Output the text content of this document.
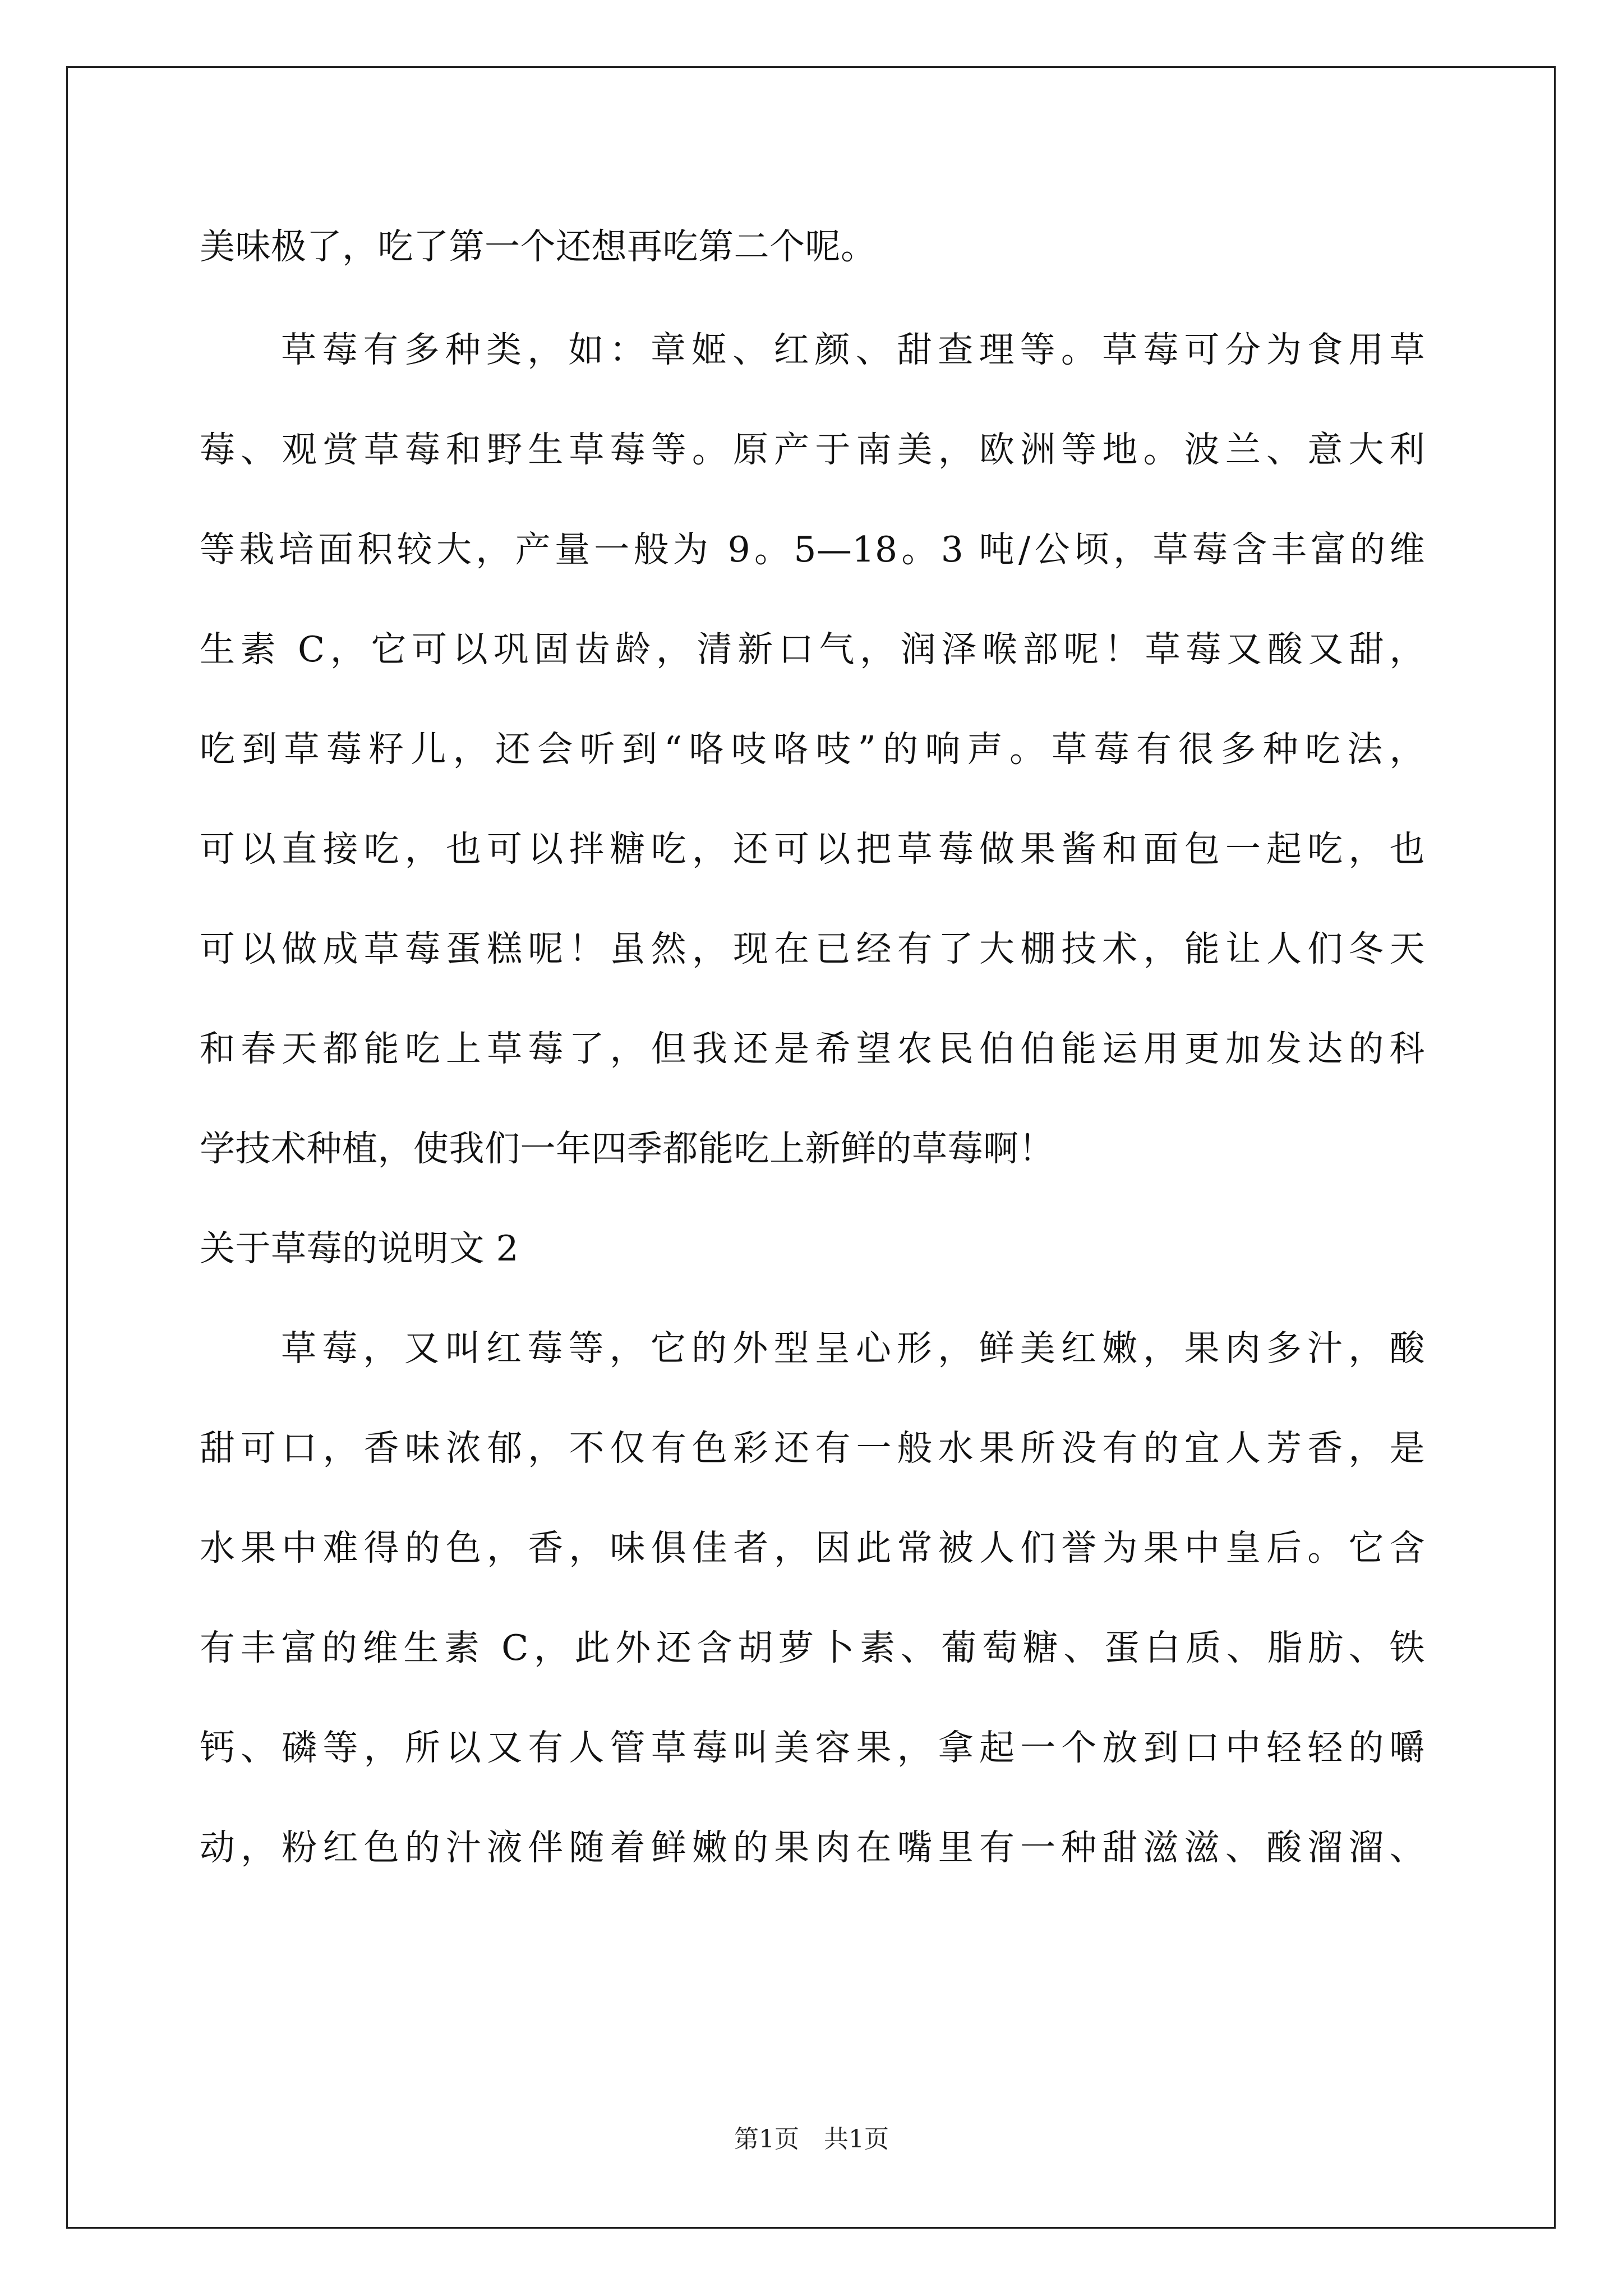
美味极了，吃了第一个还想再吃第二个呢。
草莓有多种类，如：章姬、红颜、甜查理等。草莓可分为食用草
莓、观赏草莓和野生草莓等。原产于南美，欧洲等地。波兰、意大利
等栽培面积较大，产量一般为 9。5—18。3 吨/公顷，草莓含丰富的维
生素 C，它可以巩固齿龄，清新口气，润泽喉部呢！草莓又酸又甜，
吃到草莓籽儿，还会听到“咯吱咯吱”的响声。草莓有很多种吃法，
可以直接吃，也可以拌糖吃，还可以把草莓做果酱和面包一起吃，也
可以做成草莓蛋糕呢！虽然，现在已经有了大棚技术，能让人们冬天
和春天都能吃上草莓了，但我还是希望农民伯伯能运用更加发达的科
学技术种植，使我们一年四季都能吃上新鲜的草莓啊！
关于草莓的说明文 2
草莓，又叫红莓等，它的外型呈心形，鲜美红嫩，果肉多汁，酸
甜可口，香味浓郁，不仅有色彩还有一般水果所没有的宜人芳香，是
水果中难得的色，香，味俱佳者，因此常被人们誉为果中皇后。它含
有丰富的维生素 C，此外还含胡萝卜素、葡萄糖、蛋白质、脂肪、铁
钙、磷等，所以又有人管草莓叫美容果，拿起一个放到口中轻轻的嚼
动，粉红色的汁液伴随着鲜嫩的果肉在嘴里有一种甜滋滋、酸溜溜、
第1页　共1页
